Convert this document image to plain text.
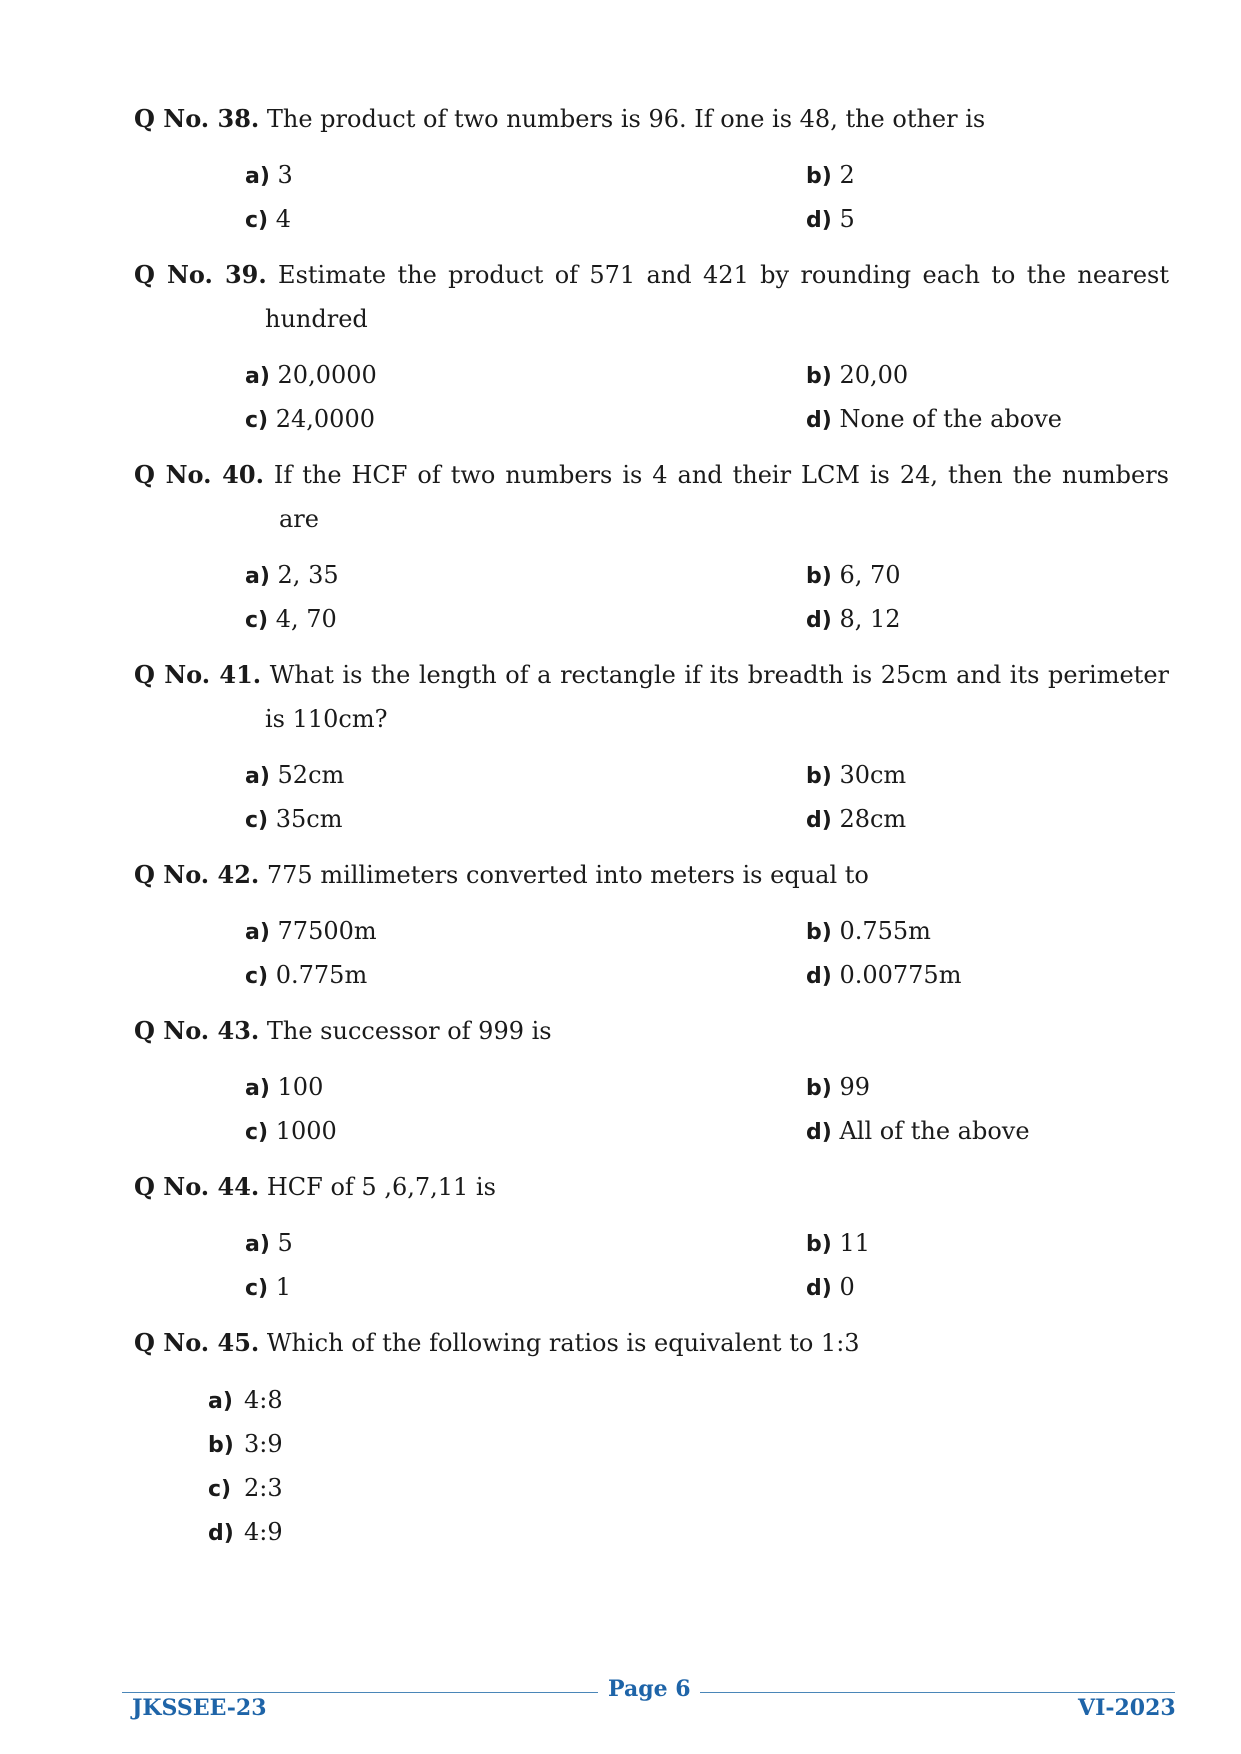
Q No. 38. The product of two numbers is 96. If one is 48, the other is
a) 3	b) 2
c) 4	d) 5
Q No. 39. Estimate the product of 571 and 421 by rounding each to the nearest
hundred
a) 20,0000	b) 20,00
c) 24,0000	d) None of the above
Q No. 40. If the HCF of two numbers is 4 and their LCM is 24, then the numbers
are
a) 2, 35	b) 6, 70
c) 4, 70	d) 8, 12
Q No. 41. What is the length of a rectangle if its breadth is 25cm and its perimeter
is 110cm?
a) 52cm	b) 30cm
c) 35cm	d) 28cm
Q No. 42. 775 millimeters converted into meters is equal to
a) 77500m	b) 0.755m
c) 0.775m	d) 0.00775m
Q No. 43. The successor of 999 is
a) 100	b) 99
c) 1000	d) All of the above
Q No. 44. HCF of 5 ,6,7,11 is
a) 5	b) 11
c) 1	d) 0
Q No. 45. Which of the following ratios is equivalent to 1:3
a) 4:8
b) 3:9
c) 2:3
d) 4:9
Page 6
JKSSEE-23	VI-2023
